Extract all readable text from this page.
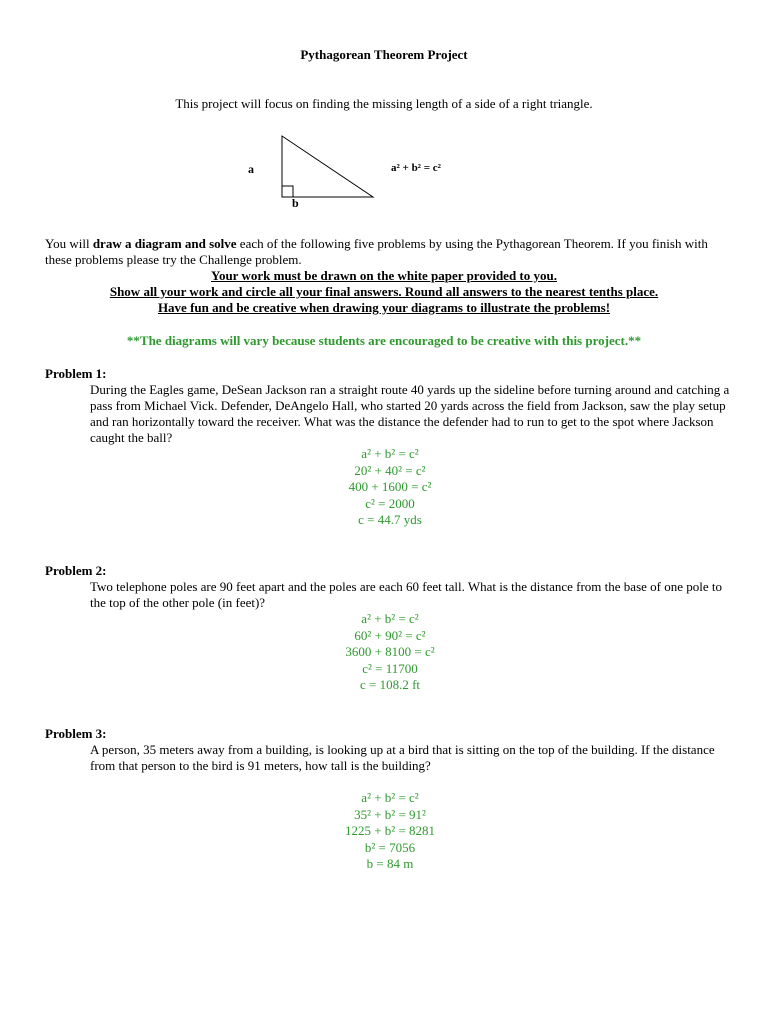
Pythagorean Theorem Project
This project will focus on finding the missing length of a side of a right triangle.
a
b
a² + b² = c²
You will draw a diagram and solve each of the following five problems by using the Pythagorean Theorem. If you finish with these problems please try the Challenge problem.
Your work must be drawn on the white paper provided to you.
Show all your work and circle all your final answers. Round all answers to the nearest tenths place.
Have fun and be creative when drawing your diagrams to illustrate the problems!
**The diagrams will vary because students are encouraged to be creative with this project.**
Problem 1:
During the Eagles game, DeSean Jackson ran a straight route 40 yards up the sideline before turning around and catching a pass from Michael Vick. Defender, DeAngelo Hall, who started 20 yards across the field from Jackson, saw the play setup and ran horizontally toward the receiver. What was the distance the defender had to run to get to the spot where Jackson caught the ball?
a² + b² = c²
20² + 40² = c²
400 + 1600 = c²
c² = 2000
c = 44.7 yds
Problem 2:
Two telephone poles are 90 feet apart and the poles are each 60 feet tall. What is the distance from the base of one pole to the top of the other pole (in feet)?
a² + b² = c²
60² + 90² = c²
3600 + 8100 = c²
c² = 11700
c = 108.2 ft
Problem 3:
A person, 35 meters away from a building, is looking up at a bird that is sitting on the top of the building. If the distance from that person to the bird is 91 meters, how tall is the building?
a² + b² = c²
35² + b² = 91²
1225 + b² = 8281
b² = 7056
b = 84 m
